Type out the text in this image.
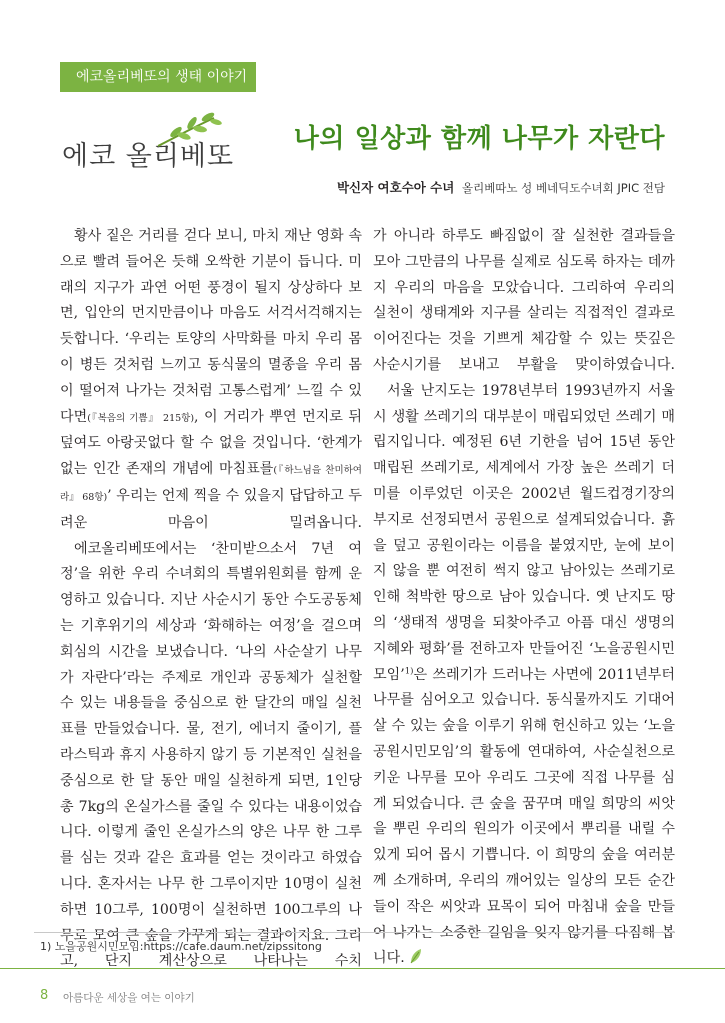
에코올리베또의 생태 이야기
에코 올리베또
나의 일상과 함께 나무가 자란다
박신자 여호수아 수녀 올리베따노 성 베네딕도수녀회 JPIC 전담

황사 짙은 거리를 걷다 보니, 마치 재난 영화 속으로 빨려 들어온 듯해 오싹한 기분이 듭니다. 미래의 지구가 과연 어떤 풍경이 될지 상상하다 보면, 입안의 먼지만큼이나 마음도 서걱서걱해지는 듯합니다. ‘우리는 토양의 사막화를 마치 우리 몸이 병든 것처럼 느끼고 동식물의 멸종을 우리 몸이 떨어져 나가는 것처럼 고통스럽게’ 느낄 수 있다면(『복음의 기쁨』 215항), 이 거리가 뿌연 먼지로 뒤덮여도 아랑곳없다 할 수 없을 것입니다. ‘한계가 없는 인간 존재의 개념에 마침표를(『하느님을 찬미하여라』 68항)’ 우리는 언제 찍을 수 있을지 답답하고 두려운 마음이 밀려옵니다.

에코올리베또에서는 ‘찬미받으소서 7년 여정’을 위한 우리 수녀회의 특별위원회를 함께 운영하고 있습니다. 지난 사순시기 동안 수도공동체는 기후위기의 세상과 ‘화해하는 여정’을 걸으며 회심의 시간을 보냈습니다. ‘나의 사순살기 나무가 자란다’라는 주제로 개인과 공동체가 실천할 수 있는 내용들을 중심으로 한 달간의 매일 실천표를 만들었습니다. 물, 전기, 에너지 줄이기, 플라스틱과 휴지 사용하지 않기 등 기본적인 실천을 중심으로 한 달 동안 매일 실천하게 되면, 1인당 총 7kg의 온실가스를 줄일 수 있다는 내용이었습니다. 이렇게 줄인 온실가스의 양은 나무 한 그루를 심는 것과 같은 효과를 얻는 것이라고 하였습니다. 혼자서는 나무 한 그루이지만 10명이 실천하면 10그루, 100명이 실천하면 100그루의 나무로 모여 큰 숲을 가꾸게 되는 결과이지요. 그리고, 단지 계산상으로 나타나는 수치

가 아니라 하루도 빠짐없이 잘 실천한 결과들을 모아 그만큼의 나무를 실제로 심도록 하자는 데까지 우리의 마음을 모았습니다. 그리하여 우리의 실천이 생태계와 지구를 살리는 직접적인 결과로 이어진다는 것을 기쁘게 체감할 수 있는 뜻깊은 사순시기를 보내고 부활을 맞이하였습니다.

서울 난지도는 1978년부터 1993년까지 서울시 생활 쓰레기의 대부분이 매립되었던 쓰레기 매립지입니다. 예정된 6년 기한을 넘어 15년 동안 매립된 쓰레기로, 세계에서 가장 높은 쓰레기 더미를 이루었던 이곳은 2002년 월드컵경기장의 부지로 선정되면서 공원으로 설계되었습니다. 흙을 덮고 공원이라는 이름을 붙였지만, 눈에 보이지 않을 뿐 여전히 썩지 않고 남아있는 쓰레기로 인해 척박한 땅으로 남아 있습니다. 옛 난지도 땅의 ‘생태적 생명을 되찾아주고 아픔 대신 생명의 지혜와 평화’를 전하고자 만들어진 ‘노을공원시민모임’$^{1)}$은 쓰레기가 드러나는 사면에 2011년부터 나무를 심어오고 있습니다. 동식물까지도 기대어 살 수 있는 숲을 이루기 위해 헌신하고 있는 ‘노을공원시민모임’의 활동에 연대하여, 사순실천으로 키운 나무를 모아 우리도 그곳에 직접 나무를 심게 되었습니다. 큰 숲을 꿈꾸며 매일 희망의 씨앗을 뿌린 우리의 원의가 이곳에서 뿌리를 내릴 수 있게 되어 몹시 기쁩니다. 이 희망의 숲을 여러분께 소개하며, 우리의 깨어있는 일상의 모든 순간들이 작은 씨앗과 묘목이 되어 마침내 숲을 만들어 나가는 소중한 길임을 잊지 않기를 다짐해 봅니다.

1) 노을공원시민모임:https://cafe.daum.net/zipssitong
8 아름다운 세상을 여는 이야기
